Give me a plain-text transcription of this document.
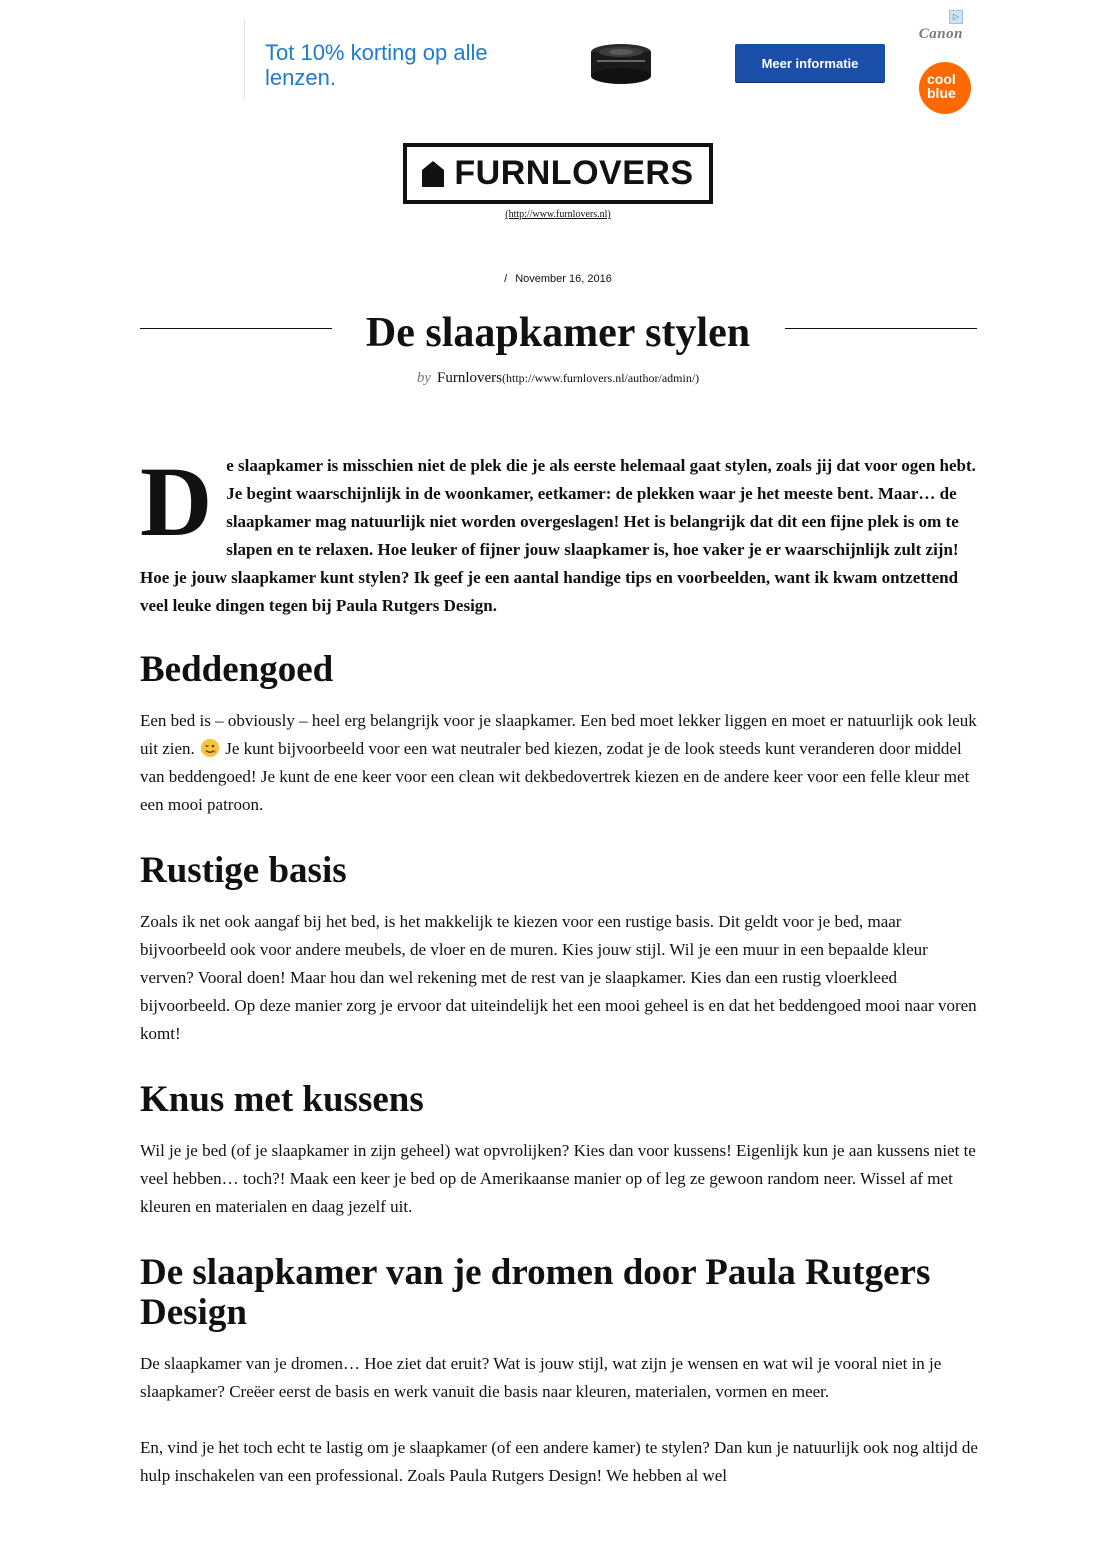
Tot 10% korting op alle lenzen.
Meer informatie
▷
Canon
cool blue
FURNLOVERS
(http://www.furnlovers.nl)
/ November 16, 2016
De slaapkamer stylen
by Furnlovers(http://www.furnlovers.nl/author/admin/)

De slaapkamer is misschien niet de plek die je als eerste helemaal gaat stylen, zoals jij dat voor ogen hebt. Je begint waarschijnlijk in de woonkamer, eetkamer: de plekken waar je het meeste bent. Maar… de slaapkamer mag natuurlijk niet worden overgeslagen! Het is belangrijk dat dit een fijne plek is om te slapen en te relaxen. Hoe leuker of fijner jouw slaapkamer is, hoe vaker je er waarschijnlijk zult zijn! Hoe je jouw slaapkamer kunt stylen? Ik geef je een aantal handige tips en voorbeelden, want ik kwam ontzettend veel leuke dingen tegen bij Paula Rutgers Design.

Beddengoed

Een bed is – obviously – heel erg belangrijk voor je slaapkamer. Een bed moet lekker liggen en moet er natuurlijk ook leuk uit zien. Je kunt bijvoorbeeld voor een wat neutraler bed kiezen, zodat je de look steeds kunt veranderen door middel van beddengoed! Je kunt de ene keer voor een clean wit dekbedovertrek kiezen en de andere keer voor een felle kleur met een mooi patroon.

Rustige basis

Zoals ik net ook aangaf bij het bed, is het makkelijk te kiezen voor een rustige basis. Dit geldt voor je bed, maar bijvoorbeeld ook voor andere meubels, de vloer en de muren. Kies jouw stijl. Wil je een muur in een bepaalde kleur verven? Vooral doen! Maar hou dan wel rekening met de rest van je slaapkamer. Kies dan een rustig vloerkleed bijvoorbeeld. Op deze manier zorg je ervoor dat uiteindelijk het een mooi geheel is en dat het beddengoed mooi naar voren komt!

Knus met kussens

Wil je je bed (of je slaapkamer in zijn geheel) wat opvrolijken? Kies dan voor kussens! Eigenlijk kun je aan kussens niet te veel hebben… toch?! Maak een keer je bed op de Amerikaanse manier op of leg ze gewoon random neer. Wissel af met kleuren en materialen en daag jezelf uit.

De slaapkamer van je dromen door Paula Rutgers Design

De slaapkamer van je dromen… Hoe ziet dat eruit? Wat is jouw stijl, wat zijn je wensen en wat wil je vooral niet in je slaapkamer? Creëer eerst de basis en werk vanuit die basis naar kleuren, materialen, vormen en meer.

En, vind je het toch echt te lastig om je slaapkamer (of een andere kamer) te stylen? Dan kun je natuurlijk ook nog altijd de hulp inschakelen van een professional. Zoals Paula Rutgers Design! We hebben al wel
